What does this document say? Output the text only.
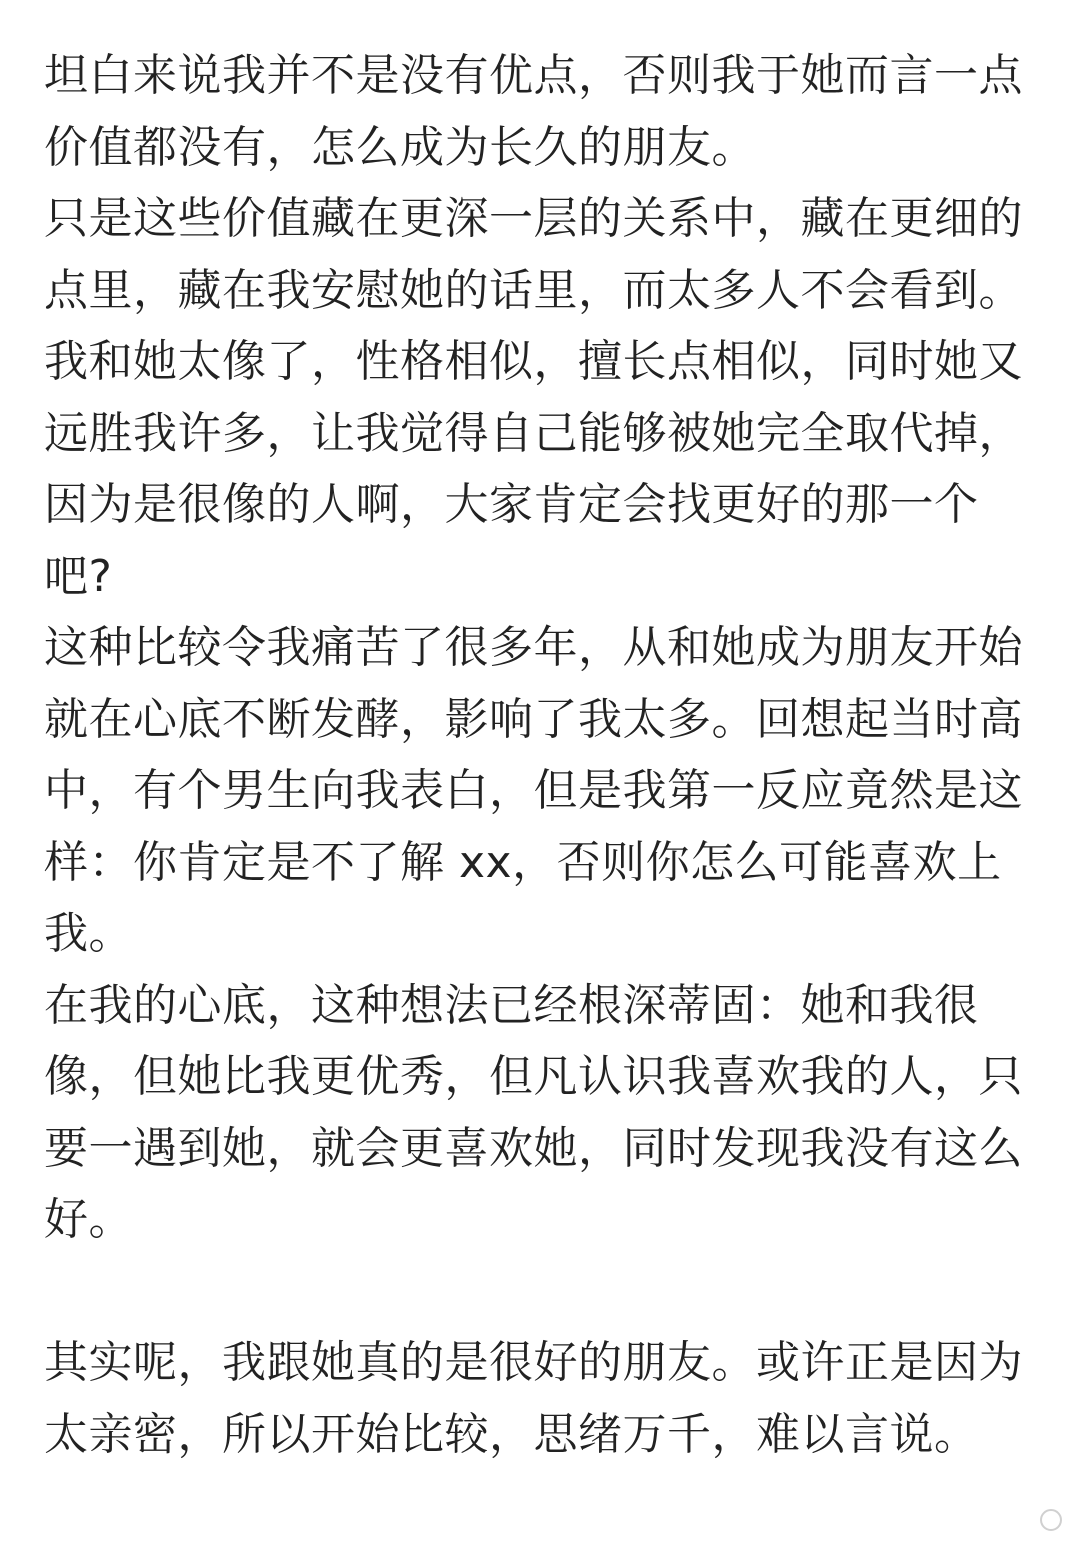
坦白来说我并不是没有优点，否则我于她而言一点
价值都没有，怎么成为长久的朋友。

只是这些价值藏在更深一层的关系中，藏在更细的
点里，藏在我安慰她的话里，而太多人不会看到。

我和她太像了，性格相似，擅长点相似，同时她又
远胜我许多，让我觉得自己能够被她完全取代掉，
因为是很像的人啊，大家肯定会找更好的那一个
吧?

这种比较令我痛苦了很多年，从和她成为朋友开始
就在心底不断发酵，影响了我太多。回想起当时高
中，有个男生向我表白，但是我第一反应竟然是这
样：你肯定是不了解 xx，否则你怎么可能喜欢上
我。

在我的心底，这种想法已经根深蒂固：她和我很
像，但她比我更优秀，但凡认识我喜欢我的人，只
要一遇到她，就会更喜欢她，同时发现我没有这么
好。

其实呢，我跟她真的是很好的朋友。或许正是因为
太亲密，所以开始比较，思绪万千，难以言说。
